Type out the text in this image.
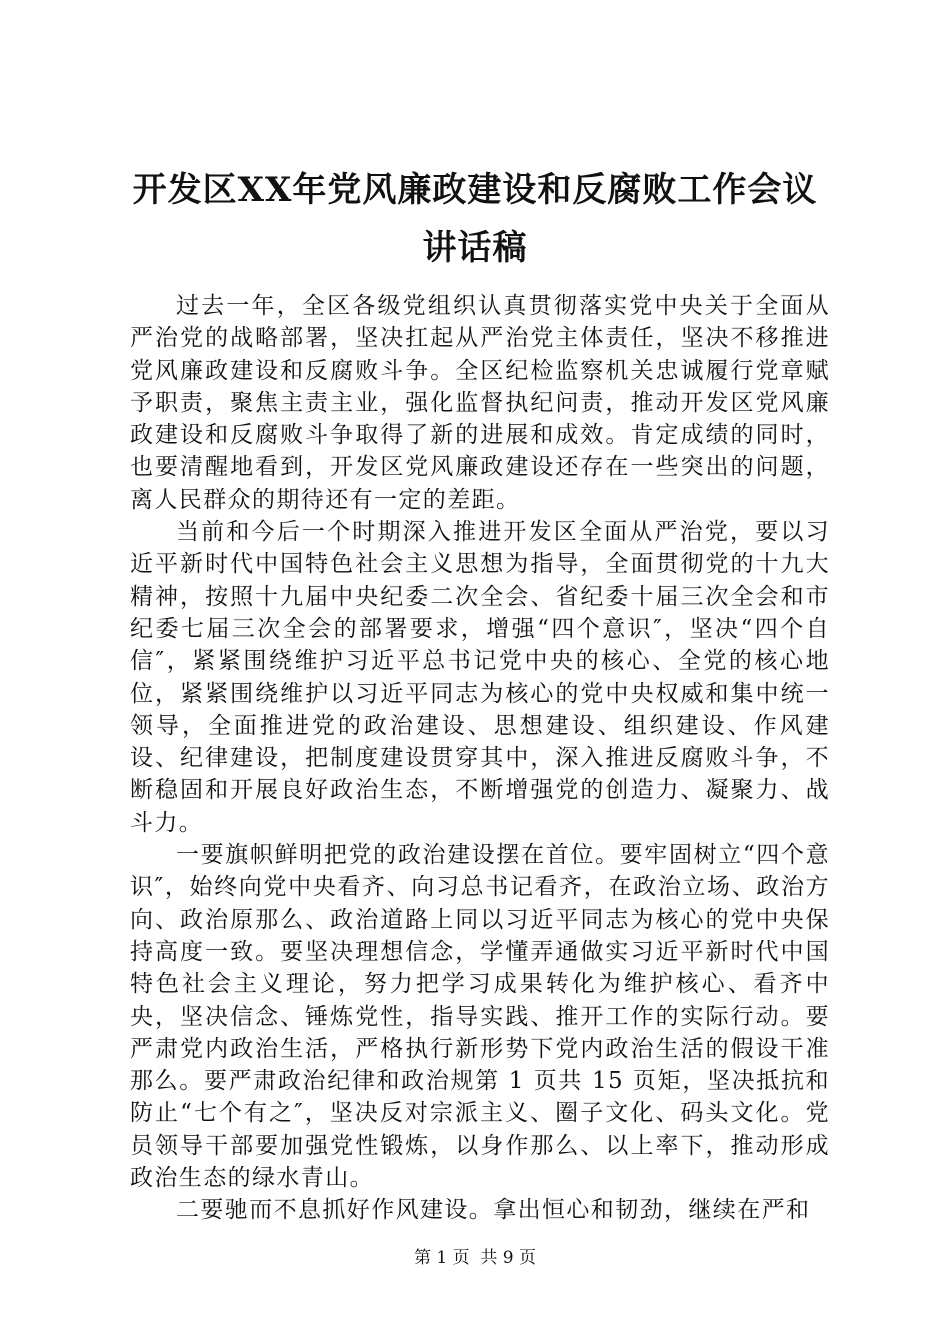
开发区XX年党风廉政建设和反腐败工作会议
讲话稿

过去一年，全区各级党组织认真贯彻落实党中央关于全面从严治党的战略部署，坚决扛起从严治党主体责任，坚决不移推进党风廉政建设和反腐败斗争。全区纪检监察机关忠诚履行党章赋予职责，聚焦主责主业，强化监督执纪问责，推动开发区党风廉政建设和反腐败斗争取得了新的进展和成效。肯定成绩的同时，也要清醒地看到，开发区党风廉政建设还存在一些突出的问题，离人民群众的期待还有一定的差距。

当前和今后一个时期深入推进开发区全面从严治党，要以习近平新时代中国特色社会主义思想为指导，全面贯彻党的十九大精神，按照十九届中央纪委二次全会、省纪委十届三次全会和市纪委七届三次全会的部署要求，增强“四个意识″，坚决“四个自信″，紧紧围绕维护习近平总书记党中央的核心、全党的核心地位，紧紧围绕维护以习近平同志为核心的党中央权威和集中统一领导，全面推进党的政治建设、思想建设、组织建设、作风建设、纪律建设，把制度建设贯穿其中，深入推进反腐败斗争，不断稳固和开展良好政治生态，不断增强党的创造力、凝聚力、战斗力。

一要旗帜鲜明把党的政治建设摆在首位。要牢固树立“四个意识″，始终向党中央看齐、向习总书记看齐，在政治立场、政治方向、政治原那么、政治道路上同以习近平同志为核心的党中央保持高度一致。要坚决理想信念，学懂弄通做实习近平新时代中国特色社会主义理论，努力把学习成果转化为维护核心、看齐中央，坚决信念、锤炼党性，指导实践、推开工作的实际行动。要严肃党内政治生活，严格执行新形势下党内政治生活的假设干准那么。要严肃政治纪律和政治规第 1 页共 15 页矩，坚决抵抗和防止“七个有之″，坚决反对宗派主义、圈子文化、码头文化。党员领导干部要加强党性锻炼，以身作那么、以上率下，推动形成政治生态的绿水青山。

二要驰而不息抓好作风建设。拿出恒心和韧劲，继续在严和

第 1 页  共 9 页
